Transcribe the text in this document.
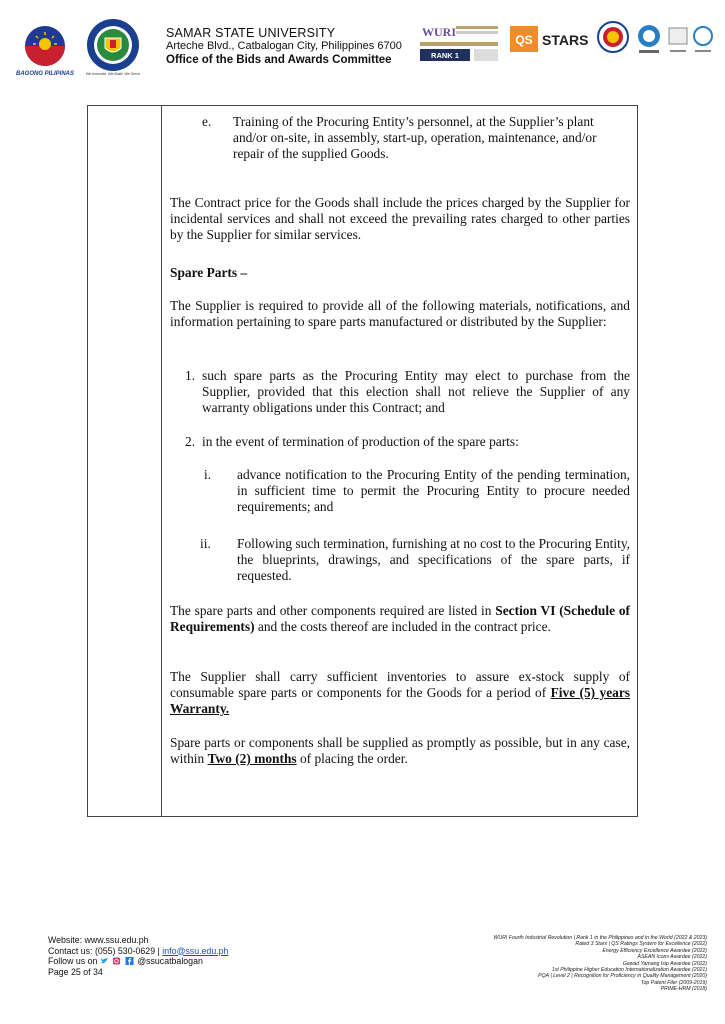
BAGONG PILIPINAS	We Innovate. We Build. We Serve
SAMAR STATE UNIVERSITY
Arteche Blvd., Catbalogan City, Philippines 6700
Office of the Bids and Awards Committee
WURI
RANK 1
QS STARS
e. Training of the Procuring Entity’s personnel, at the Supplier’s plant and/or on-site, in assembly, start-up, operation, maintenance, and/or repair of the supplied Goods.
The Contract price for the Goods shall include the prices charged by the Supplier for incidental services and shall not exceed the prevailing rates charged to other parties by the Supplier for similar services.
Spare Parts –
The Supplier is required to provide all of the following materials, notifications, and information pertaining to spare parts manufactured or distributed by the Supplier:
1. such spare parts as the Procuring Entity may elect to purchase from the Supplier, provided that this election shall not relieve the Supplier of any warranty obligations under this Contract; and
2. in the event of termination of production of the spare parts:
i. advance notification to the Procuring Entity of the pending termination, in sufficient time to permit the Procuring Entity to procure needed requirements; and
ii. Following such termination, furnishing at no cost to the Procuring Entity, the blueprints, drawings, and specifications of the spare parts, if requested.
The spare parts and other components required are listed in Section VI (Schedule of Requirements) and the costs thereof are included in the contract price.
The Supplier shall carry sufficient inventories to assure ex-stock supply of consumable spare parts or components for the Goods for a period of Five (5) years Warranty.
Spare parts or components shall be supplied as promptly as possible, but in any case, within Two (2) months of placing the order.
Website: www.ssu.edu.ph
Contact us: (055) 530-0629 | info@ssu.edu.ph
Follow us on	@ssucatbalogan
Page 25 of 34
WURI Fourth Industrial Revolution | Rank 1 in the Philippines and in the World (2022 & 2023)
Rated 3 Stars | QS Ratings System for Excellence (2022)
Energy Efficiency Excellence Awardee (2022)
ASEAN Icons Awardee (2022)
Gawad Yamang Isip Awardee (2022)
1st Philippine Higher Education Internationalization Awardee (2021)
PQA | Level 2 | Recognition for Proficiency in Quality Management (2020)
Top Patent Filer (2009-2019)
PRIME-HRM (2018)
